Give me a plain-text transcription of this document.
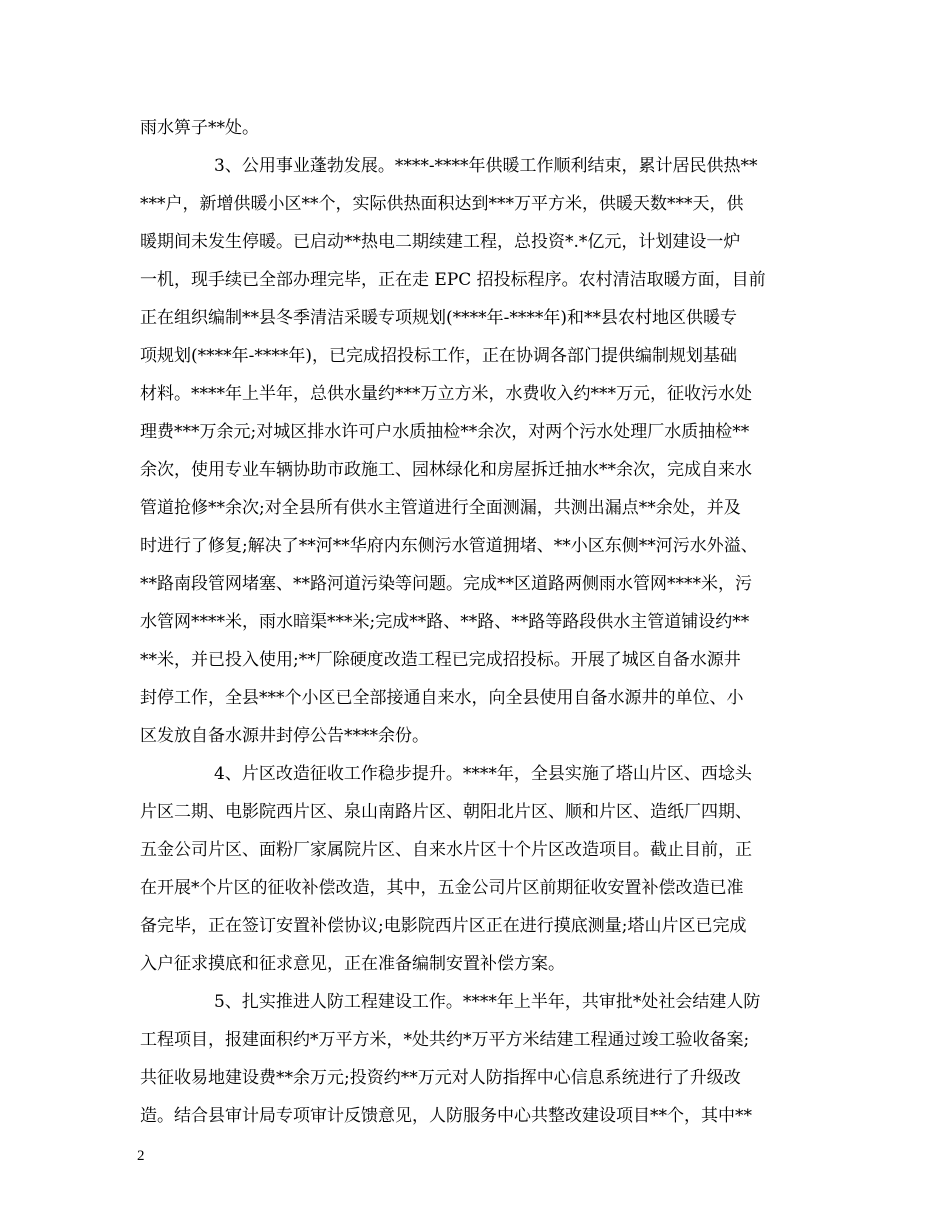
雨水箅子**处。
3、公用事业蓬勃发展。****-****年供暖工作顺利结束，累计居民供热**
***户，新增供暖小区**个，实际供热面积达到***万平方米，供暖天数***天，供
暖期间未发生停暖。已启动**热电二期续建工程，总投资*.*亿元，计划建设一炉
一机，现手续已全部办理完毕，正在走 EPC 招投标程序。农村清洁取暖方面，目前
正在组织编制**县冬季清洁采暖专项规划(****年-****年)和**县农村地区供暖专
项规划(****年-****年)，已完成招投标工作，正在协调各部门提供编制规划基础
材料。****年上半年，总供水量约***万立方米，水费收入约***万元，征收污水处
理费***万余元;对城区排水许可户水质抽检**余次，对两个污水处理厂水质抽检**
余次，使用专业车辆协助市政施工、园林绿化和房屋拆迁抽水**余次，完成自来水
管道抢修**余次;对全县所有供水主管道进行全面测漏，共测出漏点**余处，并及
时进行了修复;解决了**河**华府内东侧污水管道拥堵、**小区东侧**河污水外溢、
**路南段管网堵塞、**路河道污染等问题。完成**区道路两侧雨水管网****米，污
水管网****米，雨水暗渠***米;完成**路、**路、**路等路段供水主管道铺设约**
**米，并已投入使用;**厂除硬度改造工程已完成招投标。开展了城区自备水源井
封停工作，全县***个小区已全部接通自来水，向全县使用自备水源井的单位、小
区发放自备水源井封停公告****余份。
4、片区改造征收工作稳步提升。****年，全县实施了塔山片区、西埝头
片区二期、电影院西片区、泉山南路片区、朝阳北片区、顺和片区、造纸厂四期、
五金公司片区、面粉厂家属院片区、自来水片区十个片区改造项目。截止目前，正
在开展*个片区的征收补偿改造，其中，五金公司片区前期征收安置补偿改造已准
备完毕，正在签订安置补偿协议;电影院西片区正在进行摸底测量;塔山片区已完成
入户征求摸底和征求意见，正在准备编制安置补偿方案。
5、扎实推进人防工程建设工作。****年上半年，共审批*处社会结建人防
工程项目，报建面积约*万平方米，*处共约*万平方米结建工程通过竣工验收备案;
共征收易地建设费**余万元;投资约**万元对人防指挥中心信息系统进行了升级改
造。结合县审计局专项审计反馈意见，人防服务中心共整改建设项目**个，其中**
2
